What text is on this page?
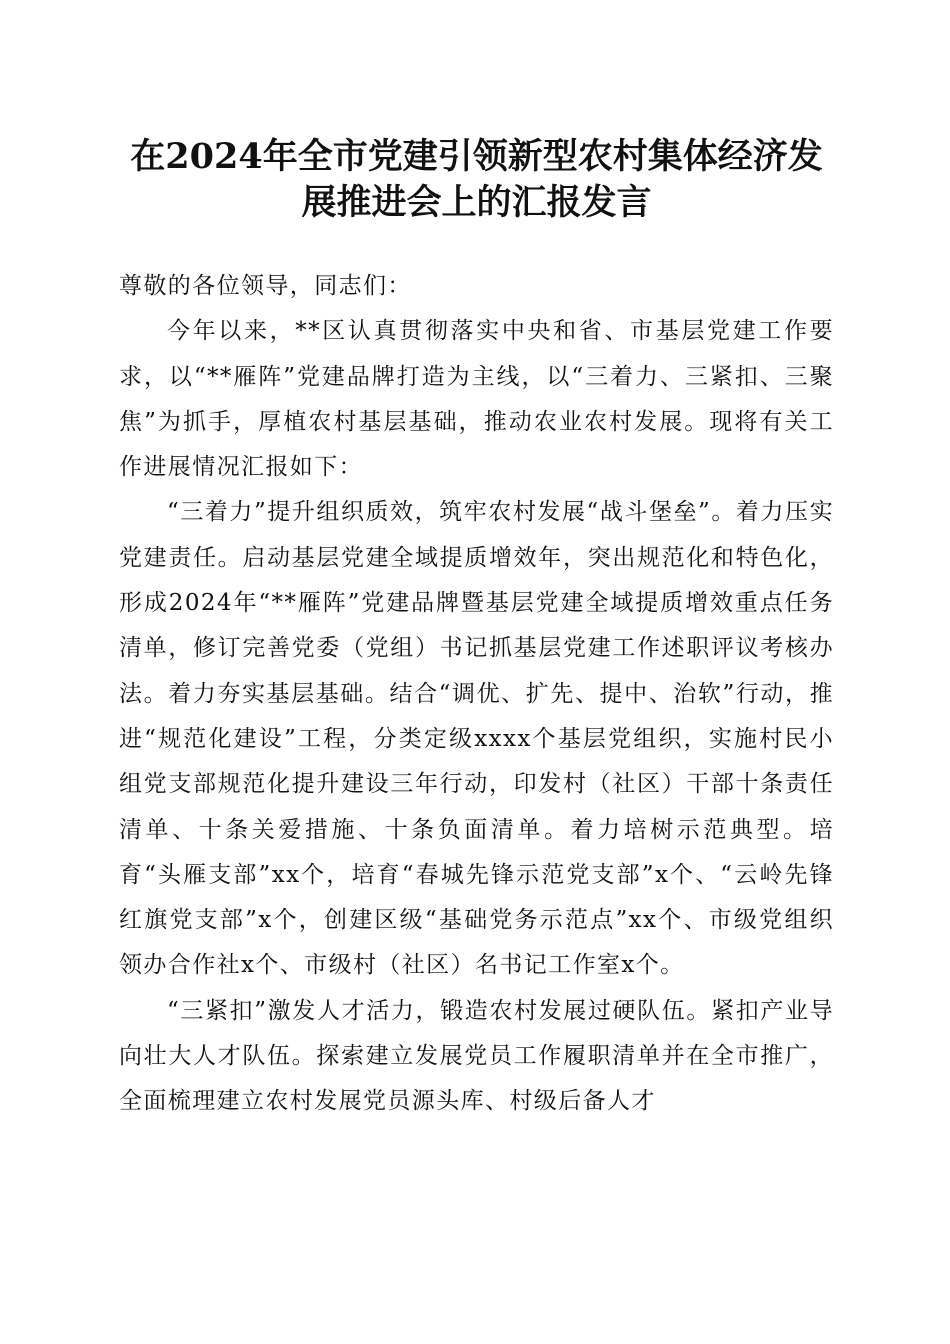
在2024年全市党建引领新型农村集体经济发
展推进会上的汇报发言

尊敬的各位领导，同志们：

今年以来，**区认真贯彻落实中央和省、市基层党建工作要求，以“**雁阵”党建品牌打造为主线，以“三着力、三紧扣、三聚焦”为抓手，厚植农村基层基础，推动农业农村发展。现将有关工作进展情况汇报如下：

“三着力”提升组织质效，筑牢农村发展“战斗堡垒”。着力压实党建责任。启动基层党建全域提质增效年，突出规范化和特色化，形成2024年“**雁阵”党建品牌暨基层党建全域提质增效重点任务清单，修订完善党委（党组）书记抓基层党建工作述职评议考核办法。着力夯实基层基础。结合“调优、扩先、提中、治软”行动，推进“规范化建设”工程，分类定级xxxx个基层党组织，实施村民小组党支部规范化提升建设三年行动，印发村（社区）干部十条责任清单、十条关爱措施、十条负面清单。着力培树示范典型。培育“头雁支部”xx个，培育“春城先锋示范党支部”x个、“云岭先锋红旗党支部”x个，创建区级“基础党务示范点”xx个、市级党组织领办合作社x个、市级村（社区）名书记工作室x个。

“三紧扣”激发人才活力，锻造农村发展过硬队伍。紧扣产业导向壮大人才队伍。探索建立发展党员工作履职清单并在全市推广，全面梳理建立农村发展党员源头库、村级后备人才
